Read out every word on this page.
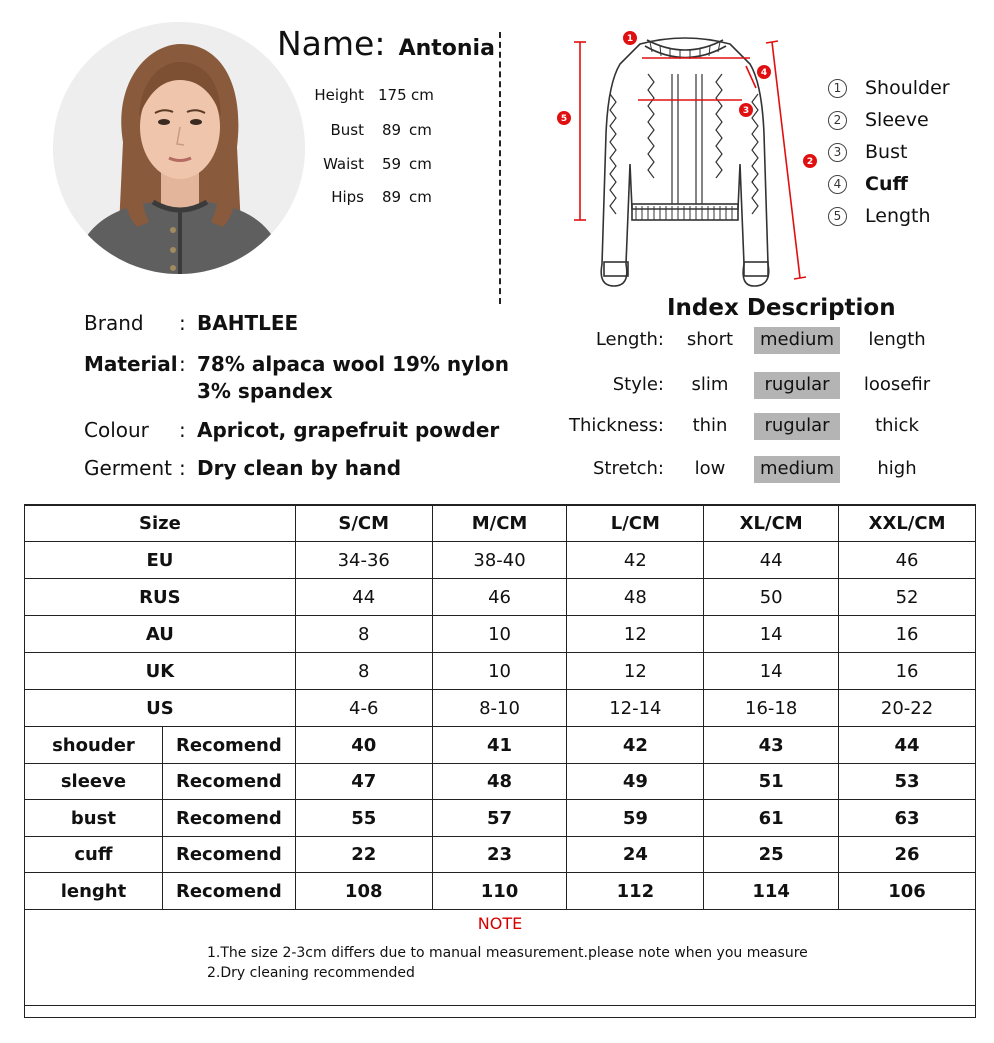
Name: Antonia
Height 175 cm
Bust 89 cm
Waist 59 cm
Hips 89 cm
1
2
3
4
5
1 Shoulder
2 Sleeve
3 Bust
4 Cuff
5 Length
Brand : BAHTLEE
Material : 78% alpaca wool 19% nylon
3% spandex
Colour : Apricot, grapefruit powder
Germent : Dry clean by hand
Index Description
Length: short	medium	length
Style:	slim	rugular	loosefir
Thickness:	thin	rugular	thick
Stretch:	low	medium	high
Size		S/CM	M/CM	L/CM	XL/CM	XXL/CM
EU		34-36	38-40	42	44	46
RUS		44	46	48	50	52
AU		8	10	12	14	16
UK		8	10	12	14	16
US		4-6	8-10	12-14	16-18	20-22
shouder	Recomend	40	41	42	43	44
sleeve	Recomend	47	48	49	51	53
bust	Recomend	55	57	59	61	63
cuff	Recomend	22	23	24	25	26
lenght	Recomend	108	110	112	114	106

NOTE
1.The size 2-3cm differs due to manual measurement.please note when you measure
2.Dry cleaning recommended						
